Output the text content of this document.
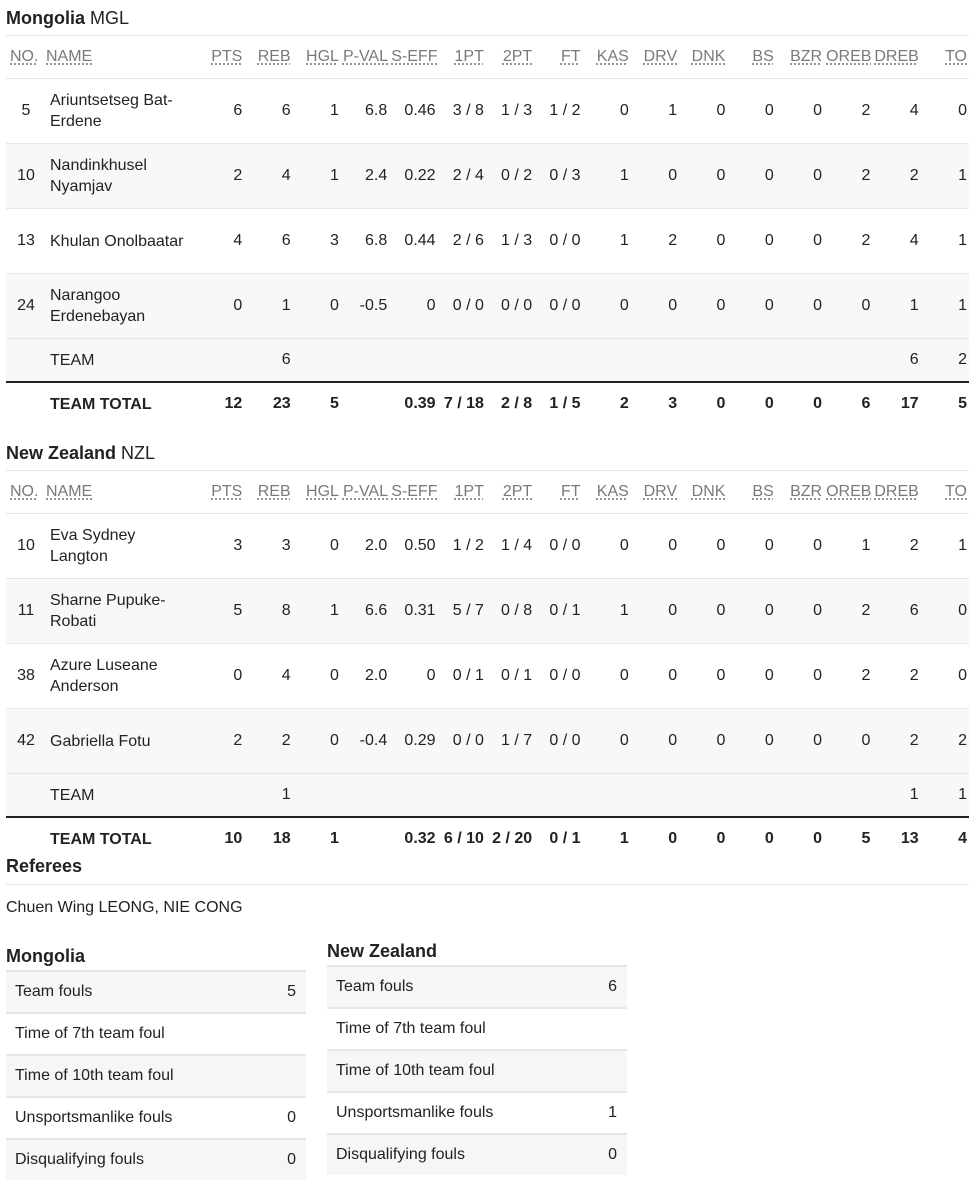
Mongolia MGL
NO.	NAME	PTS	REB	HGL	P-VAL	S-EFF	1PT	2PT	FT	KAS	DRV	DNK	BS	BZR	OREB	DREB	TO
5	Ariuntsetseg Bat-Erdene	6	6	1	6.8	0.46	3 / 8	1 / 3	1 / 2	0	1	0	0	0	2	4	0
10	Nandinkhusel Nyamjav	2	4	1	2.4	0.22	2 / 4	0 / 2	0 / 3	1	0	0	0	0	2	2	1
13	Khulan Onolbaatar	4	6	3	6.8	0.44	2 / 6	1 / 3	0 / 0	1	2	0	0	0	2	4	1
24	Narangoo Erdenebayan	0	1	0	-0.5	0	0 / 0	0 / 0	0 / 0	0	0	0	0	0	0	1	1
	TEAM		6													6	2
	TEAM TOTAL	12	23	5		0.39	7 / 18	2 / 8	1 / 5	2	3	0	0	0	6	17	5
New Zealand NZL
NO.	NAME	PTS	REB	HGL	P-VAL	S-EFF	1PT	2PT	FT	KAS	DRV	DNK	BS	BZR	OREB	DREB	TO
10	Eva Sydney Langton	3	3	0	2.0	0.50	1 / 2	1 / 4	0 / 0	0	0	0	0	0	1	2	1
11	Sharne Pupuke-Robati	5	8	1	6.6	0.31	5 / 7	0 / 8	0 / 1	1	0	0	0	0	2	6	0
38	Azure Luseane Anderson	0	4	0	2.0	0	0 / 1	0 / 1	0 / 0	0	0	0	0	0	2	2	0
42	Gabriella Fotu	2	2	0	-0.4	0.29	0 / 0	1 / 7	0 / 0	0	0	0	0	0	0	2	2
	TEAM		1													1	1
	TEAM TOTAL	10	18	1		0.32	6 / 10	2 / 20	0 / 1	1	0	0	0	0	5	13	4
Referees
Chuen Wing LEONG, NIE CONG
Mongolia
Team fouls	5
Time of 7th team foul
Time of 10th team foul
Unsportsmanlike fouls	0
Disqualifying fouls	0
New Zealand
Team fouls	6
Time of 7th team foul
Time of 10th team foul
Unsportsmanlike fouls	1
Disqualifying fouls	0
